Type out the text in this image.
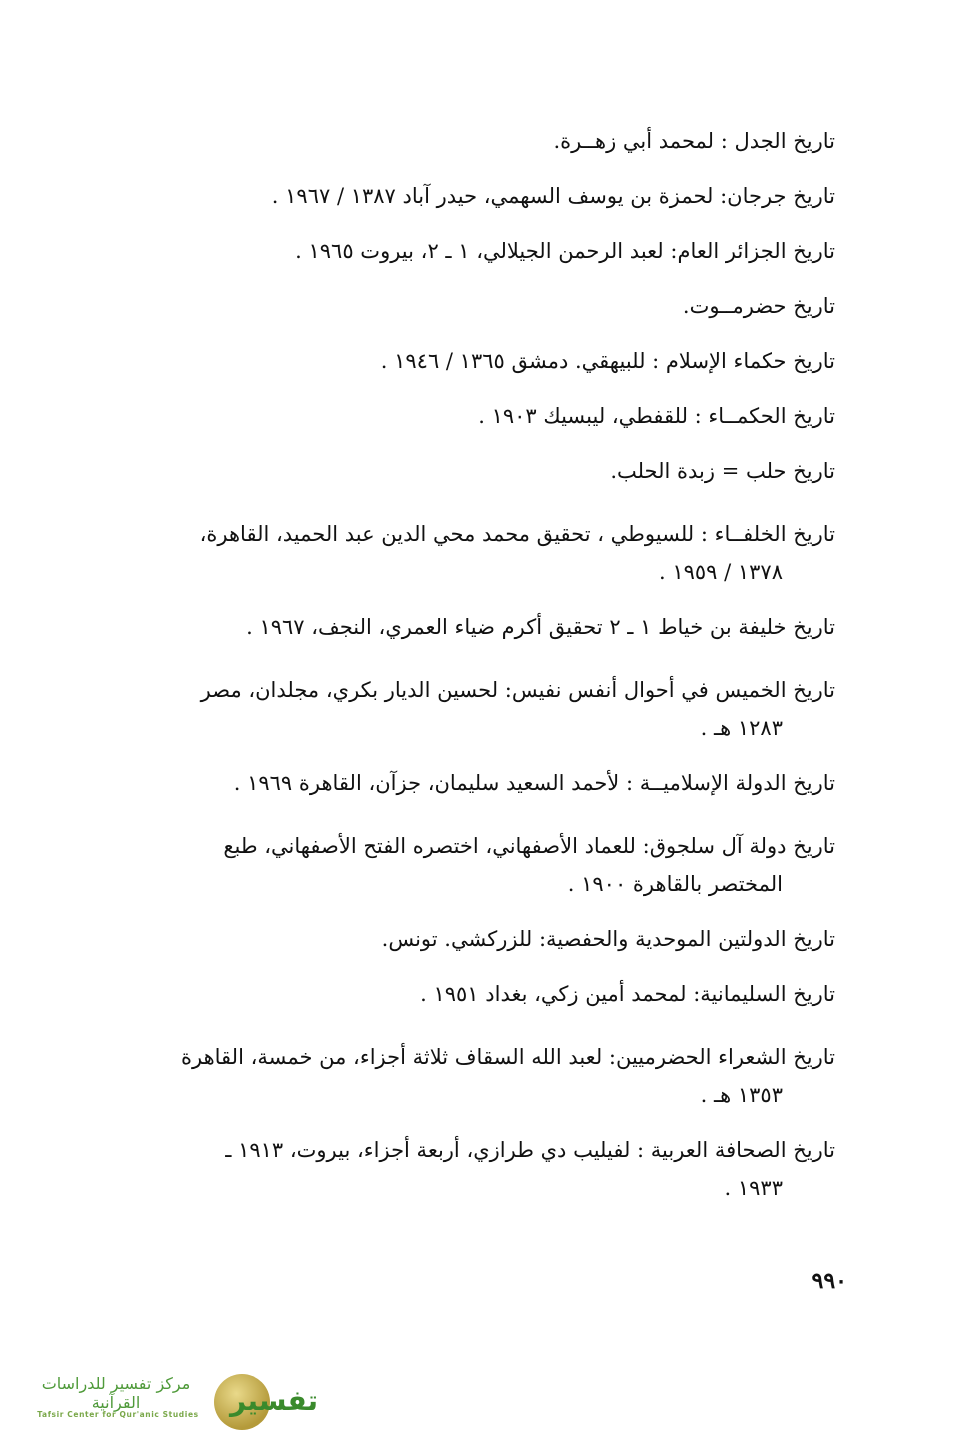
تاريخ الجدل : لمحمد أبي زهــرة.

تاريخ جرجان: لحمزة بن يوسف السهمي، حيدر آباد ١٣٨٧ / ١٩٦٧ .

تاريخ الجزائر العام: لعبد الرحمن الجيلالي، ١ ـ ٢، بيروت ١٩٦٥ .

تاريخ حضرمــوت.

تاريخ حكماء الإسلام : للبيهقي. دمشق ١٣٦٥ / ١٩٤٦ .

تاريخ الحكمــاء : للقفطي، ليبسيك ١٩٠٣ .

تاريخ حلب = زبدة الحلب.

تاريخ الخلفــاء : للسيوطي ، تحقيق محمد محي الدين عبد الحميد، القاهرة،
١٣٧٨ / ١٩٥٩ .

تاريخ خليفة بن خياط ١ ـ ٢ تحقيق أكرم ضياء العمري، النجف، ١٩٦٧ .

تاريخ الخميس في أحوال أنفس نفيس: لحسين الديار بكري، مجلدان، مصر
١٢٨٣ هـ .

تاريخ الدولة الإسلاميــة : لأحمد السعيد سليمان، جزآن، القاهرة ١٩٦٩ .

تاريخ دولة آل سلجوق: للعماد الأصفهاني، اختصره الفتح الأصفهاني، طبع
المختصر بالقاهرة ١٩٠٠ .

تاريخ الدولتين الموحدية والحفصية: للزركشي. تونس.

تاريخ السليمانية: لمحمد أمين زكي، بغداد ١٩٥١ .

تاريخ الشعراء الحضرميين: لعبد الله السقاف ثلاثة أجزاء، من خمسة، القاهرة
١٣٥٣ هـ .

تاريخ الصحافة العربية : لفيليب دي طرازي، أربعة أجزاء، بيروت، ١٩١٣ ـ
١٩٣٣ .

٩٩٠
تفسير
مركز تفسير للدراسات القرآنية
Tafsir Center for Qur'anic Studies
